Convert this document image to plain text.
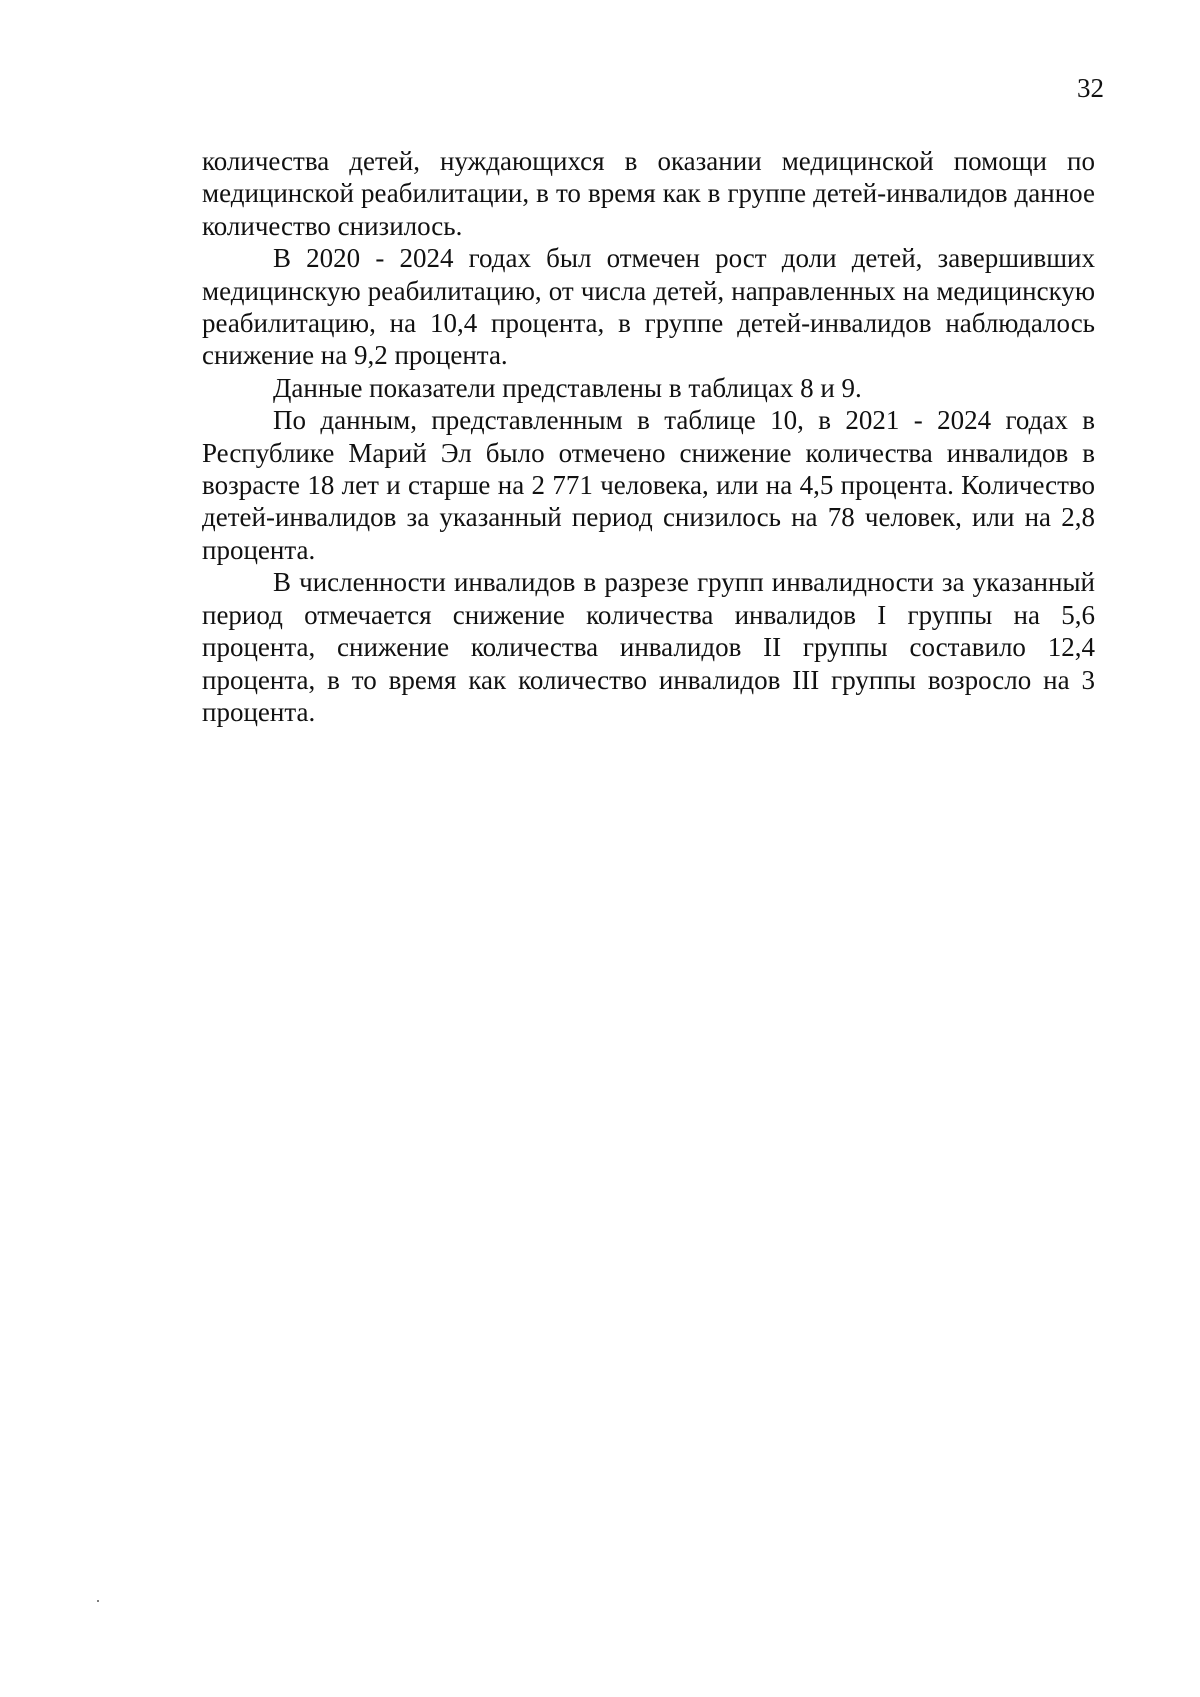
32

количества детей, нуждающихся в оказании медицинской помощи по медицинской реабилитации, в то время как в группе детей-инвалидов данное количество снизилось.

В 2020 - 2024 годах был отмечен рост доли детей, завершивших медицинскую реабилитацию, от числа детей, направленных на медицинскую реабилитацию, на 10,4 процента, в группе детей-инвалидов наблюдалось снижение на 9,2 процента.

Данные показатели представлены в таблицах 8 и 9.

По данным, представленным в таблице 10, в 2021 - 2024 годах в Республике Марий Эл было отмечено снижение количества инвалидов в возрасте 18 лет и старше на 2 771 человека, или на 4,5 процента. Количество детей-инвалидов за указанный период снизилось на 78 человек, или на 2,8 процента.

В численности инвалидов в разрезе групп инвалидности за указанный период отмечается снижение количества инвалидов I группы на 5,6 процента, снижение количества инвалидов II группы составило 12,4 процента, в то время как количество инвалидов III группы возросло на 3 процента.
